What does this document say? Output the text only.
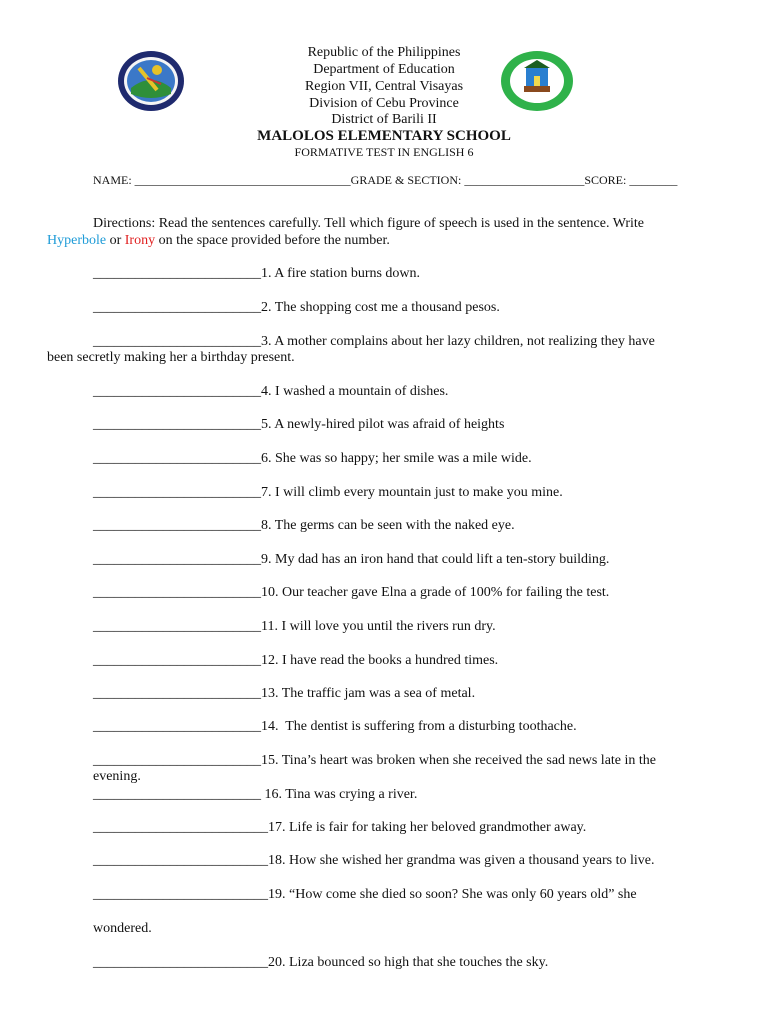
Republic of the Philippines
Department of Education
Region VII, Central Visayas
Division of Cebu Province
District of Barili II
MALOLOS ELEMENTARY SCHOOL
FORMATIVE TEST IN ENGLISH 6
NAME: ____________________________________GRADE & SECTION: ____________________SCORE: ________
Directions: Read the sentences carefully. Tell which figure of speech is used in the sentence. Write
Hyperbole or Irony on the space provided before the number.
________________________1. A fire station burns down.
________________________2. The shopping cost me a thousand pesos.
________________________3. A mother complains about her lazy children, not realizing they have
been secretly making her a birthday present.
________________________4. I washed a mountain of dishes.
________________________5. A newly-hired pilot was afraid of heights
________________________6. She was so happy; her smile was a mile wide.
________________________7. I will climb every mountain just to make you mine.
________________________8. The germs can be seen with the naked eye.
________________________9. My dad has an iron hand that could lift a ten-story building.
________________________10. Our teacher gave Elna a grade of 100% for failing the test.
________________________11. I will love you until the rivers run dry.
________________________12. I have read the books a hundred times.
________________________13. The traffic jam was a sea of metal.
________________________14.  The dentist is suffering from a disturbing toothache.
________________________15. Tina’s heart was broken when she received the sad news late in the
evening.
________________________ 16. Tina was crying a river.
_________________________17. Life is fair for taking her beloved grandmother away.
_________________________18. How she wished her grandma was given a thousand years to live.
_________________________19. “How come she died so soon? She was only 60 years old” she
wondered.
_________________________20. Liza bounced so high that she touches the sky.
